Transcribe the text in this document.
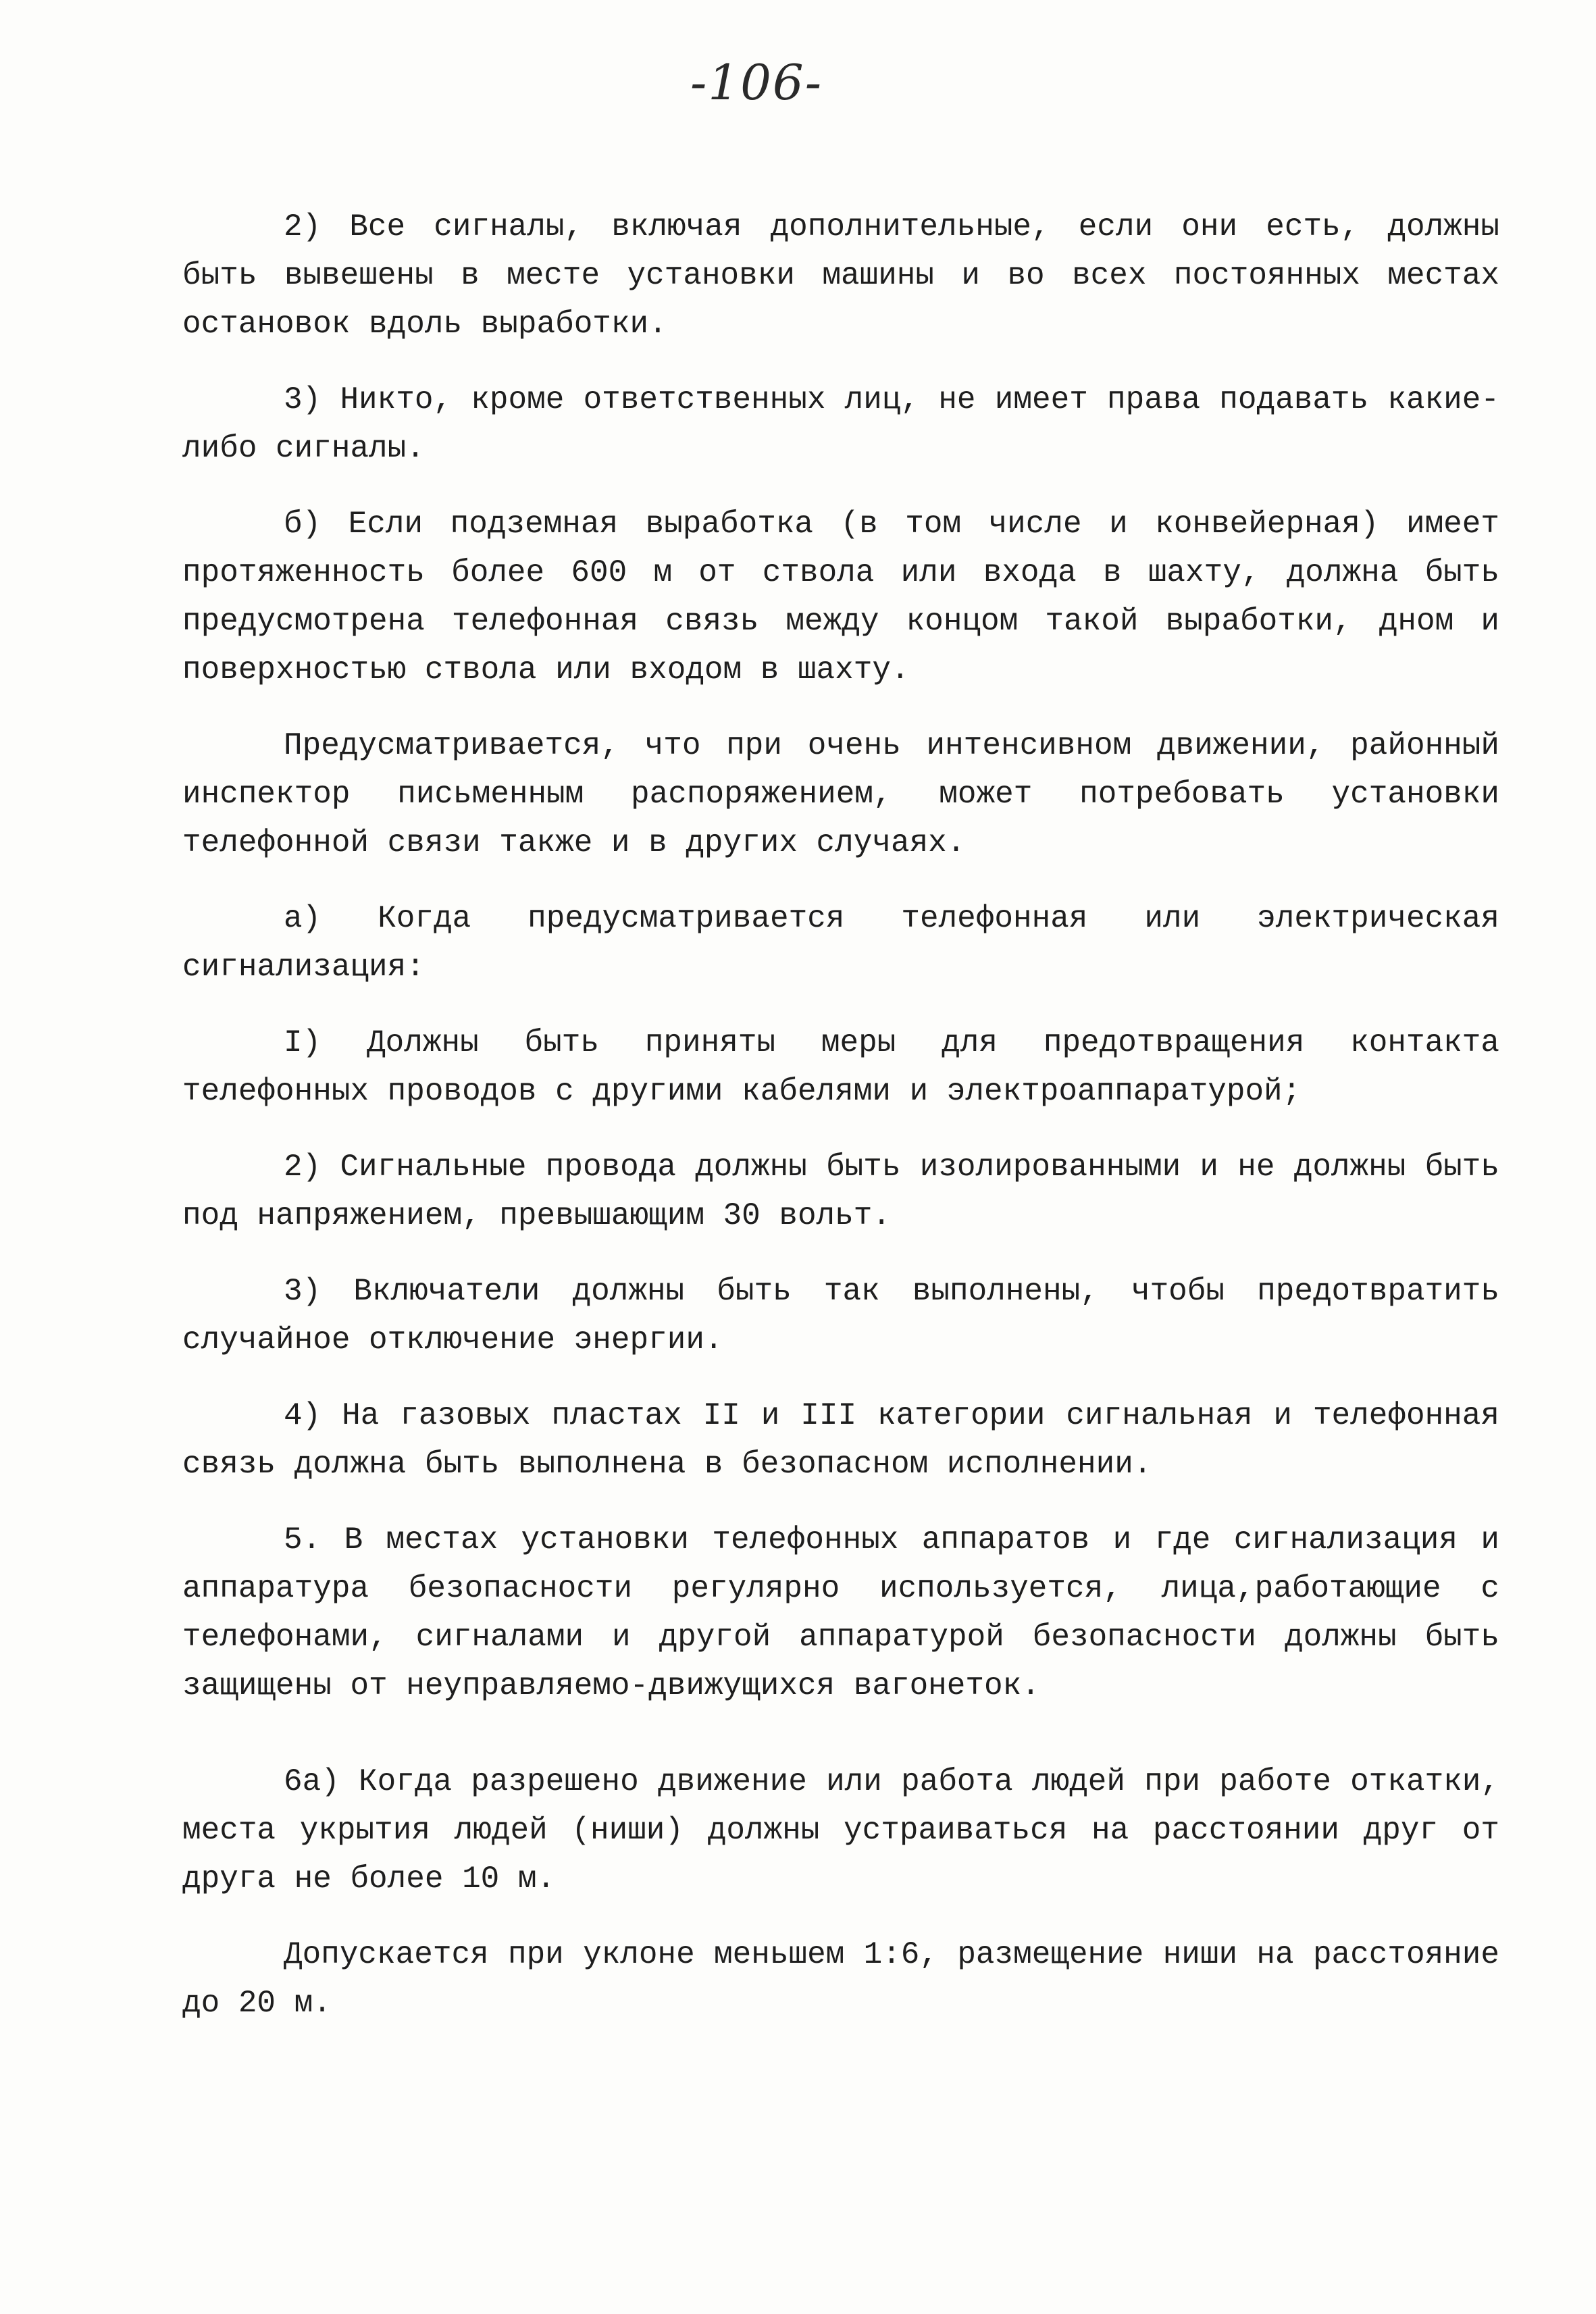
-106-

2) Все сигналы, включая дополнительные, если они есть, должны быть вывешены в месте установки машины и во всех постоянных местах остановок вдоль выработки.

3) Никто, кроме ответственных лиц, не имеет права подавать какие-либо сигналы.

б) Если подземная выработка (в том числе и конвейерная) имеет протяженность более 600 м от ствола или входа в шахту, должна быть предусмотрена телефонная связь между концом такой выработки, дном и поверхностью ствола или входом в шахту.

Предусматривается, что при очень интенсивном движении, районный инспектор письменным распоряжением, может потребовать установки телефонной связи также и в других случаях.

а) Когда предусматривается телефонная или электрическая сигнализация:

I) Должны быть приняты меры для предотвращения контакта телефонных проводов с другими кабелями и электроаппаратурой;

2) Сигнальные провода должны быть изолированными и не должны быть под напряжением, превышающим 30 вольт.

3) Включатели должны быть так выполнены, чтобы предотвратить случайное отключение энергии.

4) На газовых пластах II и III категории сигнальная и телефонная связь должна быть выполнена в безопасном исполнении.

5. В местах установки телефонных аппаратов и где сигнализация и аппаратура безопасности регулярно используется, лица,работающие с телефонами, сигналами и другой аппаратурой безопасности должны быть защищены от неуправляемо-движущихся вагонеток.

6а) Когда разрешено движение или работа людей при работе откатки, места укрытия людей (ниши) должны устраиваться на расстоянии друг от друга не более 10 м.

Допускается при уклоне меньшем 1:6, размещение ниши на расстояние до 20 м.
